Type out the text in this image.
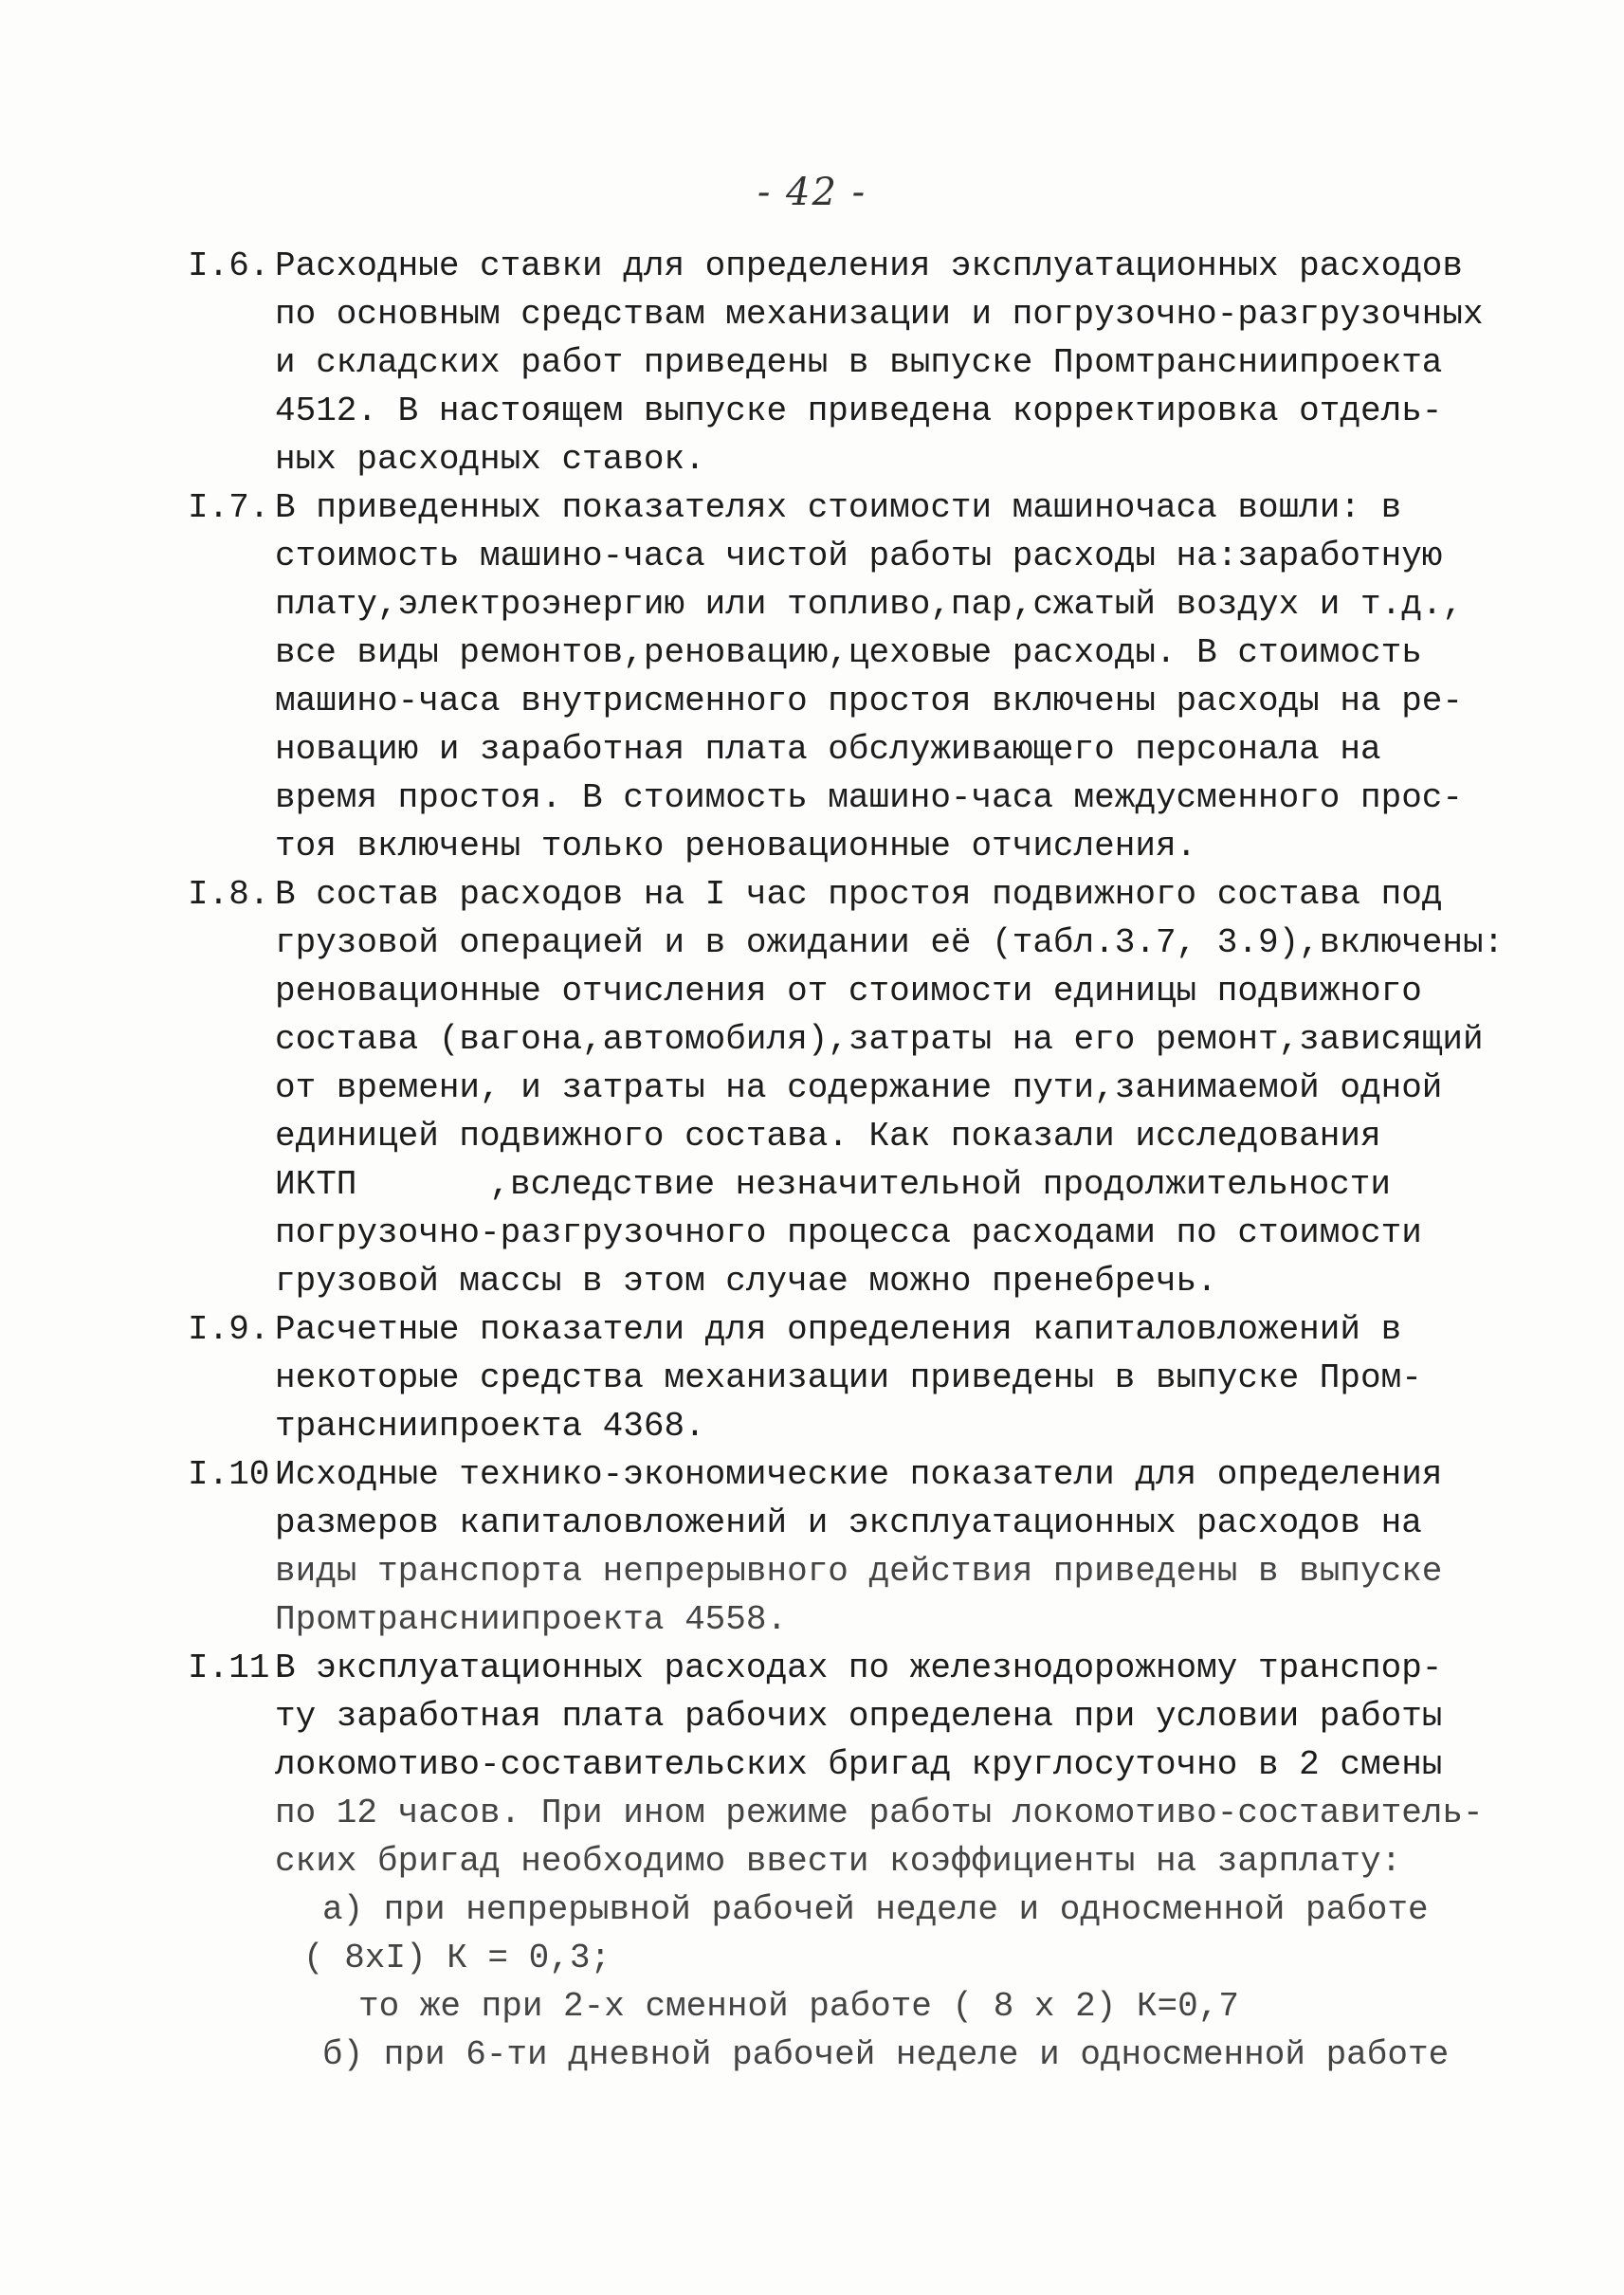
- 42 -
I.6. Расходные ставки для определения эксплуатационных расходов
по основным средствам механизации и погрузочно-разгрузочных
и складских работ приведены в выпуске Промтрансниипроекта
4512. В настоящем выпуске приведена корректировка отдель-
ных расходных ставок.
I.7. В приведенных показателях стоимости машиночаса вошли: в
стоимость машино-часа чистой работы расходы на:заработную
плату,электроэнергию или топливо,пар,сжатый воздух и т.д.,
все виды ремонтов,реновацию,цеховые расходы. В стоимость
машино-часа внутрисменного простоя включены расходы на ре-
новацию и заработная плата обслуживающего персонала на
время простоя. В стоимость машино-часа междусменного прос-
тоя включены только реновационные отчисления.
I.8. В состав расходов на I час простоя подвижного состава под
грузовой операцией и в ожидании её (табл.3.7, 3.9),включены:
реновационные отчисления от стоимости единицы подвижного
состава (вагона,автомобиля),затраты на его ремонт,зависящий
от времени, и затраты на содержание пути,занимаемой одной
единицей подвижного состава. Как показали исследования
ИКТП	,вследствие незначительной продолжительности
погрузочно-разгрузочного процесса расходами по стоимости
грузовой массы в этом случае можно пренебречь.
I.9. Расчетные показатели для определения капиталовложений в
некоторые средства механизации приведены в выпуске Пром-
трансниипроекта 4368.
I.10.
Исходные технико-экономические показатели для определения
размеров капиталовложений и эксплуатационных расходов на
виды транспорта непрерывного действия приведены в выпуске
Промтрансниипроекта 4558.
I.11.
В эксплуатационных расходах по железнодорожному транспор-
ту заработная плата рабочих определена при условии работы
локомотиво-составительских бригад круглосуточно в 2 смены
по 12 часов. При ином режиме работы локомотиво-составитель-
ских бригад необходимо ввести коэффициенты на зарплату:
а) при непрерывной рабочей неделе и односменной работе
( 8хI) К = 0,3;
то же при 2-х сменной работе ( 8 х 2) К=0,7
б) при 6-ти дневной рабочей неделе и односменной работе
